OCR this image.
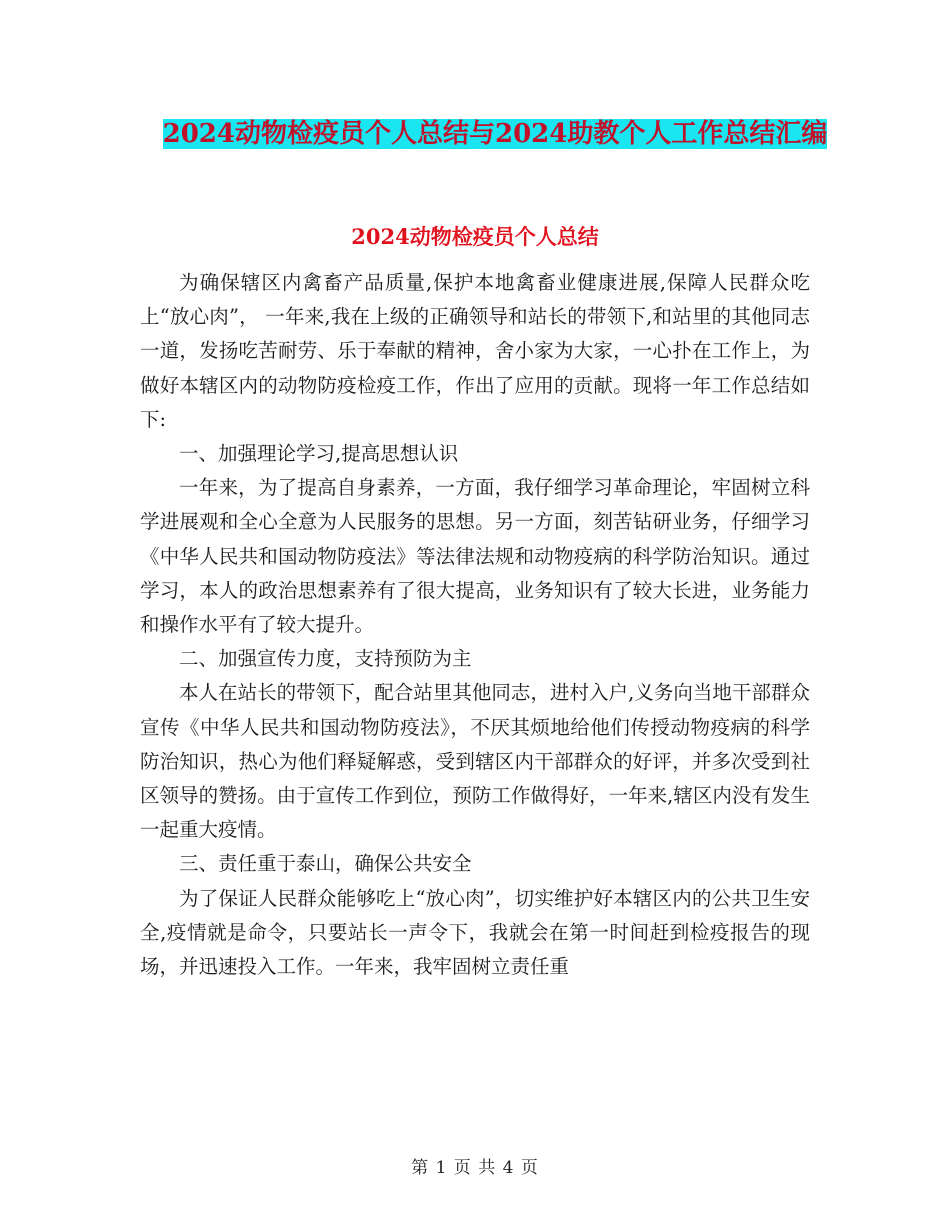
2024动物检疫员个人总结与2024助教个人工作总结汇编
2024动物检疫员个人总结

为确保辖区内禽畜产品质量,保护本地禽畜业健康进展,保障人民群众吃上“放心肉”， 一年来,我在上级的正确领导和站长的带领下,和站里的其他同志一道，发扬吃苦耐劳、乐于奉献的精神，舍小家为大家，一心扑在工作上，为做好本辖区内的动物防疫检疫工作，作出了应用的贡献。现将一年工作总结如下:

一、加强理论学习,提高思想认识

一年来，为了提高自身素养，一方面，我仔细学习革命理论，牢固树立科学进展观和全心全意为人民服务的思想。另一方面，刻苦钻研业务，仔细学习《中华人民共和国动物防疫法》等法律法规和动物疫病的科学防治知识。通过学习，本人的政治思想素养有了很大提高，业务知识有了较大长进，业务能力和操作水平有了较大提升。

二、加强宣传力度，支持预防为主

本人在站长的带领下，配合站里其他同志，进村入户,义务向当地干部群众宣传《中华人民共和国动物防疫法》，不厌其烦地给他们传授动物疫病的科学防治知识，热心为他们释疑解惑，受到辖区内干部群众的好评，并多次受到社区领导的赞扬。由于宣传工作到位，预防工作做得好，一年来,辖区内没有发生一起重大疫情。

三、责任重于泰山，确保公共安全

为了保证人民群众能够吃上“放心肉”，切实维护好本辖区内的公共卫生安全,疫情就是命令，只要站长一声令下，我就会在第一时间赶到检疫报告的现场，并迅速投入工作。一年来，我牢固树立责任重

第 1 页 共 4 页
